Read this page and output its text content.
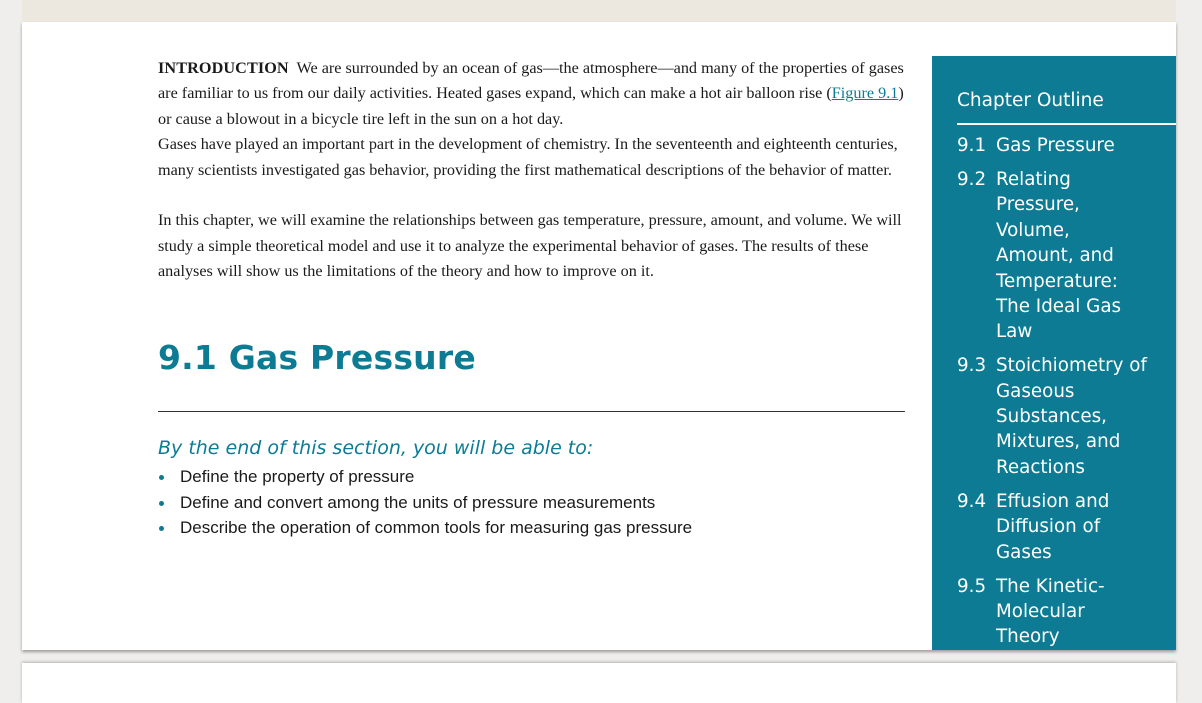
INTRODUCTION We are surrounded by an ocean of gas—the atmosphere—and many of the properties of gases are familiar to us from our daily activities. Heated gases expand, which can make a hot air balloon rise (Figure 9.1) or cause a blowout in a bicycle tire left in the sun on a hot day.

Gases have played an important part in the development of chemistry. In the seventeenth and eighteenth centuries, many scientists investigated gas behavior, providing the first mathematical descriptions of the behavior of matter.

In this chapter, we will examine the relationships between gas temperature, pressure, amount, and volume. We will study a simple theoretical model and use it to analyze the experimental behavior of gases. The results of these analyses will show us the limitations of the theory and how to improve on it.

9.1 Gas Pressure
By the end of this section, you will be able to:
Define the property of pressure
Define and convert among the units of pressure measurements
Describe the operation of common tools for measuring gas pressure
Chapter Outline
9.1 Gas Pressure
9.2 Relating Pressure, Volume, Amount, and Temperature: The Ideal Gas Law
9.3 Stoichiometry of Gaseous Substances, Mixtures, and Reactions
9.4 Effusion and Diffusion of Gases
9.5 The Kinetic-Molecular Theory
